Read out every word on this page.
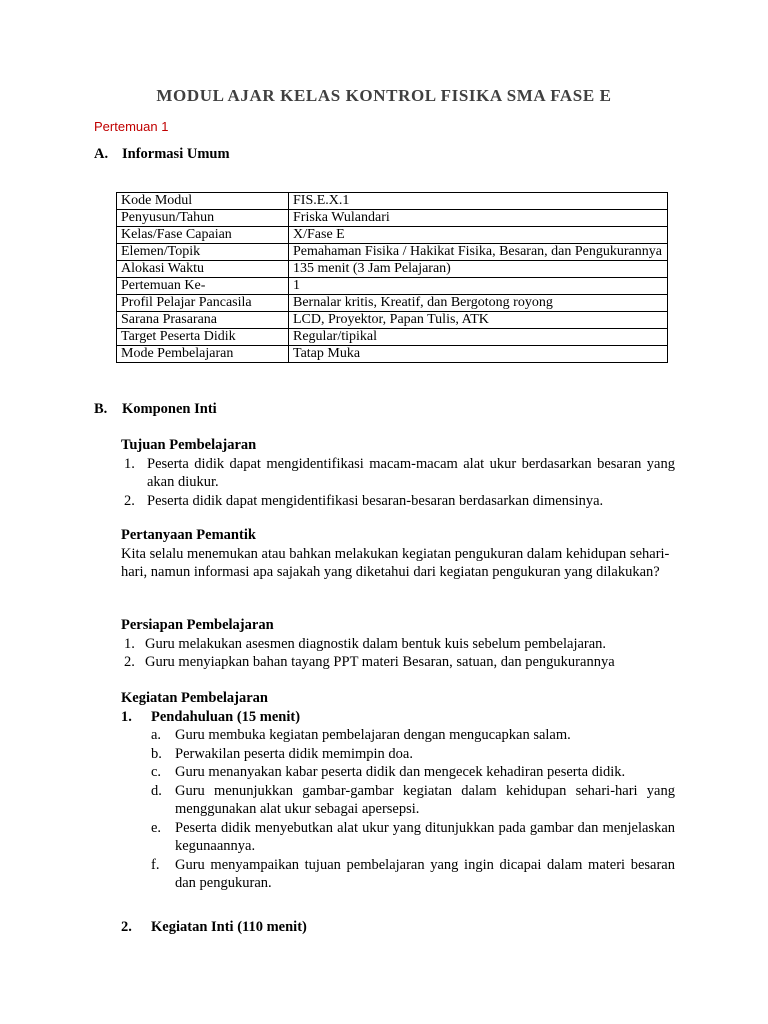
MODUL AJAR KELAS KONTROL FISIKA SMA FASE E
Pertemuan 1
A. Informasi Umum
Kode Modul	FIS.E.X.1
Penyusun/Tahun	Friska Wulandari
Kelas/Fase Capaian	X/Fase E
Elemen/Topik	Pemahaman Fisika / Hakikat Fisika, Besaran, dan Pengukurannya
Alokasi Waktu	135 menit (3 Jam Pelajaran)
Pertemuan Ke-	1
Profil Pelajar Pancasila	Bernalar kritis, Kreatif, dan Bergotong royong
Sarana Prasarana	LCD, Proyektor, Papan Tulis, ATK
Target Peserta Didik	Regular/tipikal
Mode Pembelajaran	Tatap Muka
B. Komponen Inti
Tujuan Pembelajaran
1. Peserta didik dapat mengidentifikasi macam-macam alat ukur berdasarkan besaran yang akan diukur.
2. Peserta didik dapat mengidentifikasi besaran-besaran berdasarkan dimensinya.
Pertanyaan Pemantik
Kita selalu menemukan atau bahkan melakukan kegiatan pengukuran dalam kehidupan sehari-hari, namun informasi apa sajakah yang diketahui dari kegiatan pengukuran yang dilakukan?
Persiapan Pembelajaran
1. Guru melakukan asesmen diagnostik dalam bentuk kuis sebelum pembelajaran.
2. Guru menyiapkan bahan tayang PPT materi Besaran, satuan, dan pengukurannya
Kegiatan Pembelajaran
1.	Pendahuluan (15 menit)
a. Guru membuka kegiatan pembelajaran dengan mengucapkan salam.
b. Perwakilan peserta didik memimpin doa.
c. Guru menanyakan kabar peserta didik dan mengecek kehadiran peserta didik.
d. Guru menunjukkan gambar-gambar kegiatan dalam kehidupan sehari-hari yang menggunakan alat ukur sebagai apersepsi.
e. Peserta didik menyebutkan alat ukur yang ditunjukkan pada gambar dan menjelaskan kegunaannya.
f.	Guru menyampaikan tujuan pembelajaran yang ingin dicapai dalam materi besaran dan pengukuran.
2.	Kegiatan Inti (110 menit)
